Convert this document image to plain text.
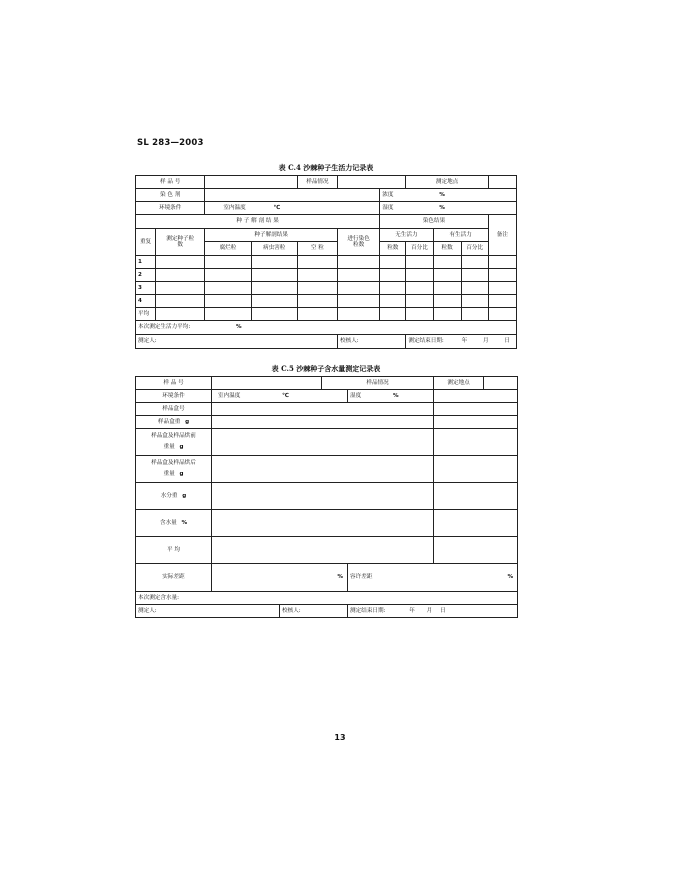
SL 283—2003
表 C.4 沙棘种子生活力记录表
样 品 号				样品情况			测定地点			
染 色 剂						浓度 %				
环境条件		室内温度 ℃				湿度 %				
种 子 解 剖 结 果						染色结果				备注
重复	测定种子粒数	种子解剖结果			进行染色粒数	无生活力		有生活力		
		腐烂粒	病虫害粒	空 粒		粒数	百分比	粒数	百分比	
1										
2										
3										
4										
平均										
本次测定生活力平均: %										
测定人:					校核人:		测定结束日期: 年 月 日			
表 C.5 沙棘种子含水量测定记录表
样 品 号			样品情况		测定地点	
环境条件	室内温度 ℃			湿度 %		
样品盒号						
样品盒重 g						
样品盒及样品烘前
重量 g						
样品盒及样品烘后
重量 g						
水分重 g						
含水量 %						
平 均						
实际差距	%			容许差距 %		

本次测定含水量:						
测定人:		校核人:		测定结束日期: 年 月 日		
13
